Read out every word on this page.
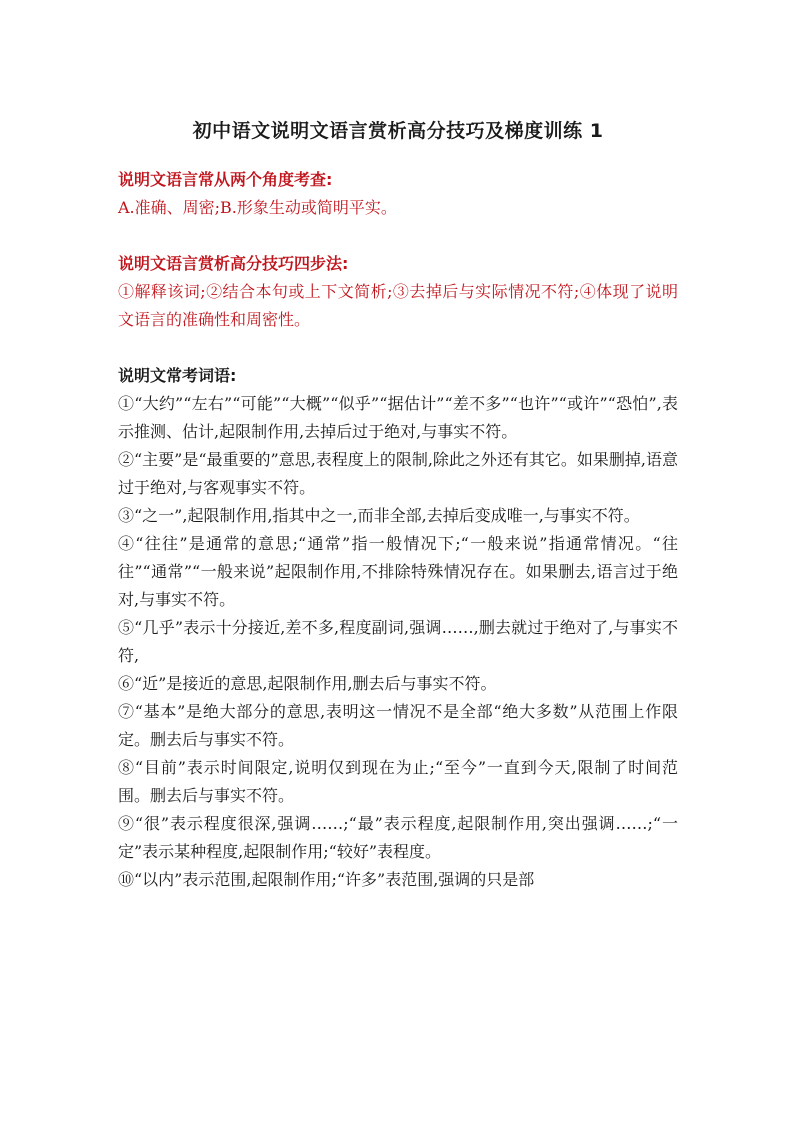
初中语文说明文语言赏析高分技巧及梯度训练 1

说明文语言常从两个角度考查:

A.准确、周密;B.形象生动或简明平实。

说明文语言赏析高分技巧四步法:

①解释该词;②结合本句或上下文简析;③去掉后与实际情况不符;④体现了说明文语言的准确性和周密性。

说明文常考词语:

①“大约”“左右”“可能”“大概”“似乎”“据估计”“差不多”“也许”“或许”“恐怕”,表示推测、估计,起限制作用,去掉后过于绝对,与事实不符。

②“主要”是“最重要的”意思,表程度上的限制,除此之外还有其它。如果删掉,语意过于绝对,与客观事实不符。

③“之一”,起限制作用,指其中之一,而非全部,去掉后变成唯一,与事实不符。

④“往往”是通常的意思;“通常”指一般情况下;“一般来说”指通常情况。“往往”“通常”“一般来说”起限制作用,不排除特殊情况存在。如果删去,语言过于绝对,与事实不符。

⑤“几乎”表示十分接近,差不多,程度副词,强调……,删去就过于绝对了,与事实不符,

⑥“近”是接近的意思,起限制作用,删去后与事实不符。

⑦“基本”是绝大部分的意思,表明这一情况不是全部“绝大多数”从范围上作限定。删去后与事实不符。

⑧“目前”表示时间限定,说明仅到现在为止;“至今”一直到今天,限制了时间范围。删去后与事实不符。

⑨“很”表示程度很深,强调……;“最”表示程度,起限制作用,突出强调……;“一定”表示某种程度,起限制作用;“较好”表程度。

⑩“以内”表示范围,起限制作用;“许多”表范围,强调的只是部
